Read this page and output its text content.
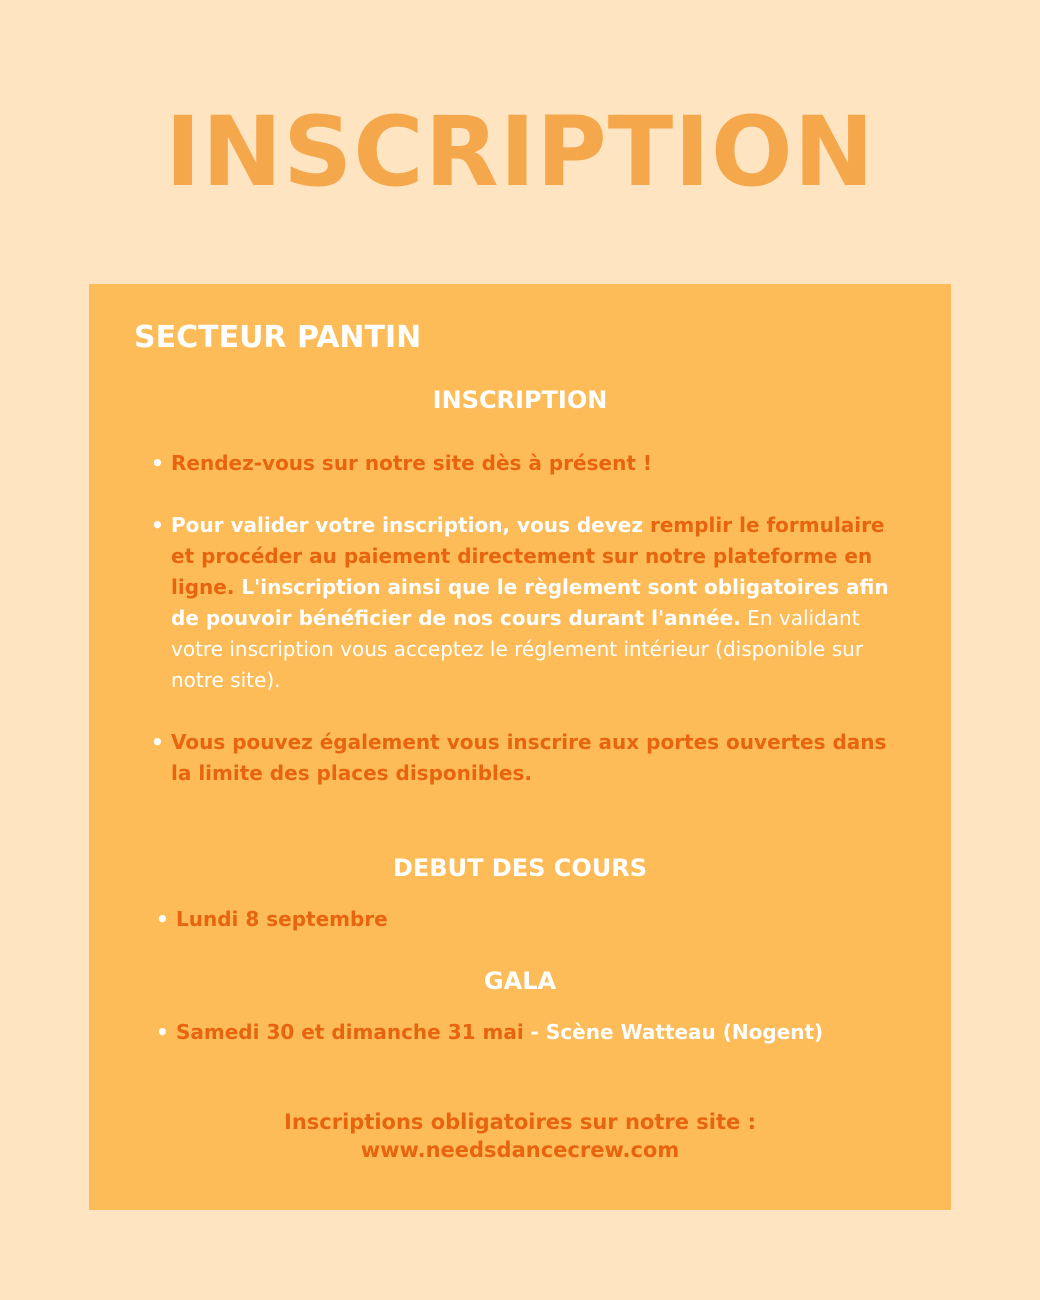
INSCRIPTION
SECTEUR PANTIN
INSCRIPTION
• Rendez-vous sur notre site dès à présent !
• Pour valider votre inscription, vous devez remplir le formulaire et procéder au paiement directement sur notre plateforme en ligne. L'inscription ainsi que le règlement sont obligatoires afin de pouvoir bénéficier de nos cours durant l'année. En validant votre inscription vous acceptez le réglement intérieur (disponible sur notre site).
• Vous pouvez également vous inscrire aux portes ouvertes dans la limite des places disponibles.
DEBUT DES COURS
• Lundi 8 septembre
GALA
• Samedi 30 et dimanche 31 mai - Scène Watteau (Nogent)
Inscriptions obligatoires sur notre site :
www.needsdancecrew.com
